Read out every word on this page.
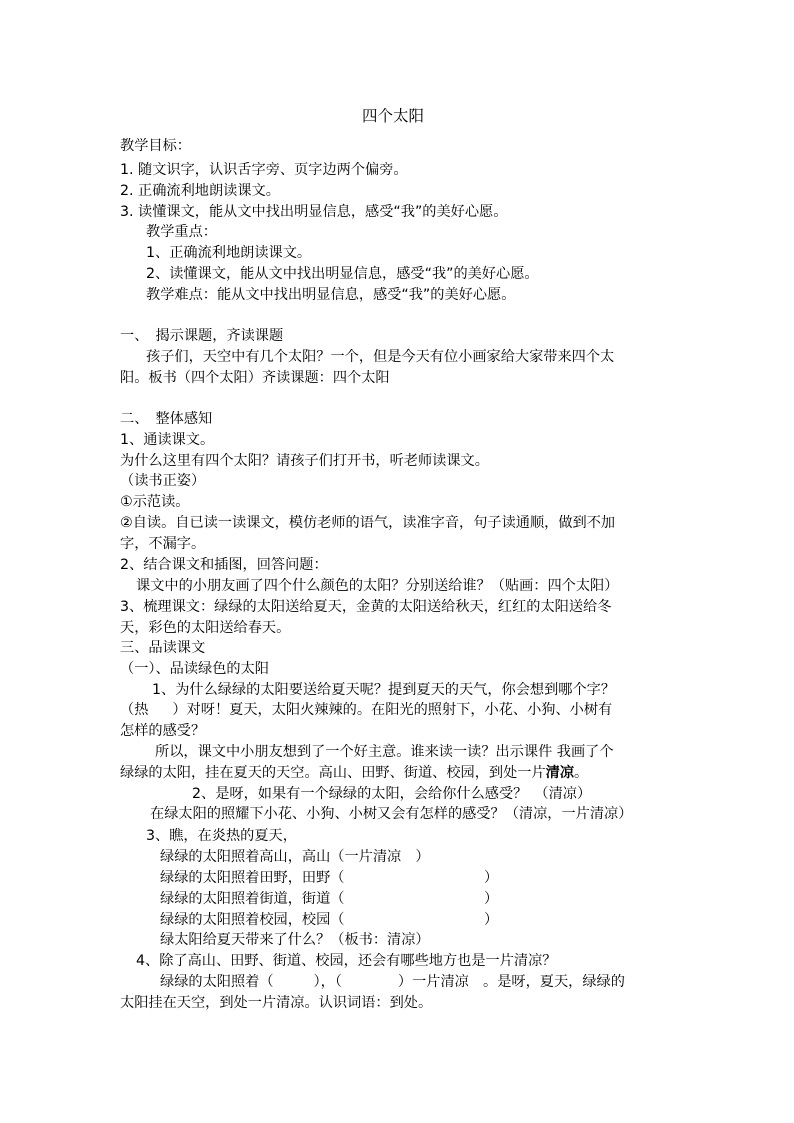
四个太阳
教学目标：
1. 随文识字，认识舌字旁、页字边两个偏旁。
2. 正确流利地朗读课文。
3. 读懂课文，能从文中找出明显信息，感受“我”的美好心愿。
教学重点：
1、正确流利地朗读课文。
2、读懂课文，能从文中找出明显信息，感受“我”的美好心愿。
教学难点：能从文中找出明显信息，感受“我”的美好心愿。
一、　揭示课题，齐读课题
孩子们，天空中有几个太阳？一个，但是今天有位小画家给大家带来四个太
阳。板书（四个太阳）齐读课题：四个太阳
二、　整体感知
1、通读课文。
为什么这里有四个太阳？请孩子们打开书，听老师读课文。
（读书正姿）
①示范读。
②自读。自已读一读课文，模仿老师的语气，读准字音，句子读通顺，做到不加
字，不漏字。
2、结合课文和插图，回答问题：
课文中的小朋友画了四个什么颜色的太阳？分别送给谁？（贴画：四个太阳）
3、梳理课文：绿绿的太阳送给夏天，金黄的太阳送给秋天，红红的太阳送给冬
天，彩色的太阳送给春天。
三、品读课文
（一）、品读绿色的太阳
1、为什么绿绿的太阳要送给夏天呢？提到夏天的天气，你会想到哪个字？
（热 ）对呀！夏天，太阳火辣辣的。在阳光的照射下，小花、小狗、小树有
怎样的感受？
所以，课文中小朋友想到了一个好主意。谁来读一读？出示课件 我画了个
绿绿的太阳，挂在夏天的天空。高山、田野、街道、校园，到处一片清凉。
2、是呀，如果有一个绿绿的太阳，会给你什么感受？　（清凉）
在绿太阳的照耀下小花、小狗、小树又会有怎样的感受？（清凉，一片清凉）
3、瞧，在炎热的夏天，
绿绿的太阳照着高山，高山（一片清凉　）
绿绿的太阳照着田野，田野（	）
绿绿的太阳照着街道，街道（	）
绿绿的太阳照着校园，校园（	）
绿太阳给夏天带来了什么？（板书：清凉）
4、除了高山、田野、街道、校园，还会有哪些地方也是一片清凉？
绿绿的太阳照着（	），（	）一片清凉　。是呀，夏天，绿绿的
太阳挂在天空，到处一片清凉。认识词语：到处。
